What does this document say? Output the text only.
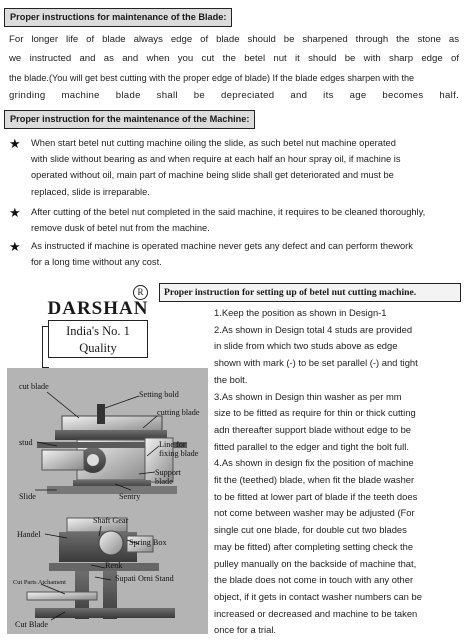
Proper instructions for maintenance of the Blade:
For longer life of blade always edge of blade should be sharpened through the stone as
we instructed and as and when you cut the betel nut it should be with sharp edge of
the blade.(You will get best cutting with the proper edge of blade) If the blade edges sharpen with the
grinding machine blade shall be depreciated and its age becomes half.
Proper instruction for the maintenance of the Machine:
★ When start betel nut cutting machine oiling the slide, as such betel nut machine operated
with slide without bearing as and when require at each half an hour spray oil, if machine is
operated without oil, main part of machine being slide shall get deteriorated and must be
replaced, slide is irreparable.
★ After cutting of the betel nut completed in the said machine, it requires to be cleaned thoroughly,
remove dusk of betel nut from the machine.
★ As instructed if machine is operated machine never gets any defect and can perform thework
for a long time without any cost.
R
DARSHAN
India's No. 1
Quality
Proper instruction for setting up of betel nut cutting machine.
1.Keep the position as shown in Design-1
2.As shown in Design total 4 studs are provided
in slide from which two studs above as edge
shown with mark (-) to be set parallel (-) and tight
the bolt.
3.As shown in Design thin washer as per mm
size to be fitted as require for thin or thick cutting
adn thereafter support blade without edge to be
fitted parallel to the edger and tight the bolt full.
4.As shown in design fix the position of machine
fit the (teethed) blade, when fit the blade washer
to be fitted at lower part of blade if the teeth does
not come between washer may be adjusted (For
single cut one blade, for double cut two blades
may be fitted) after completing setting check the
pulley manually on the backside of machine that,
the blade does not come in touch with any other
object, if it gets in contact washer numbers can be
increased or decreased and machine to be taken
once for a trial.
cut blade
Setting bold
stud
cutting blade
Line for fixing blade
Support blade
Slide	Sentry
Shaft Gear
Handel
Spring Box
Renk
Cut Parts Atchament	Supati Orni Stand
Cut Blade
